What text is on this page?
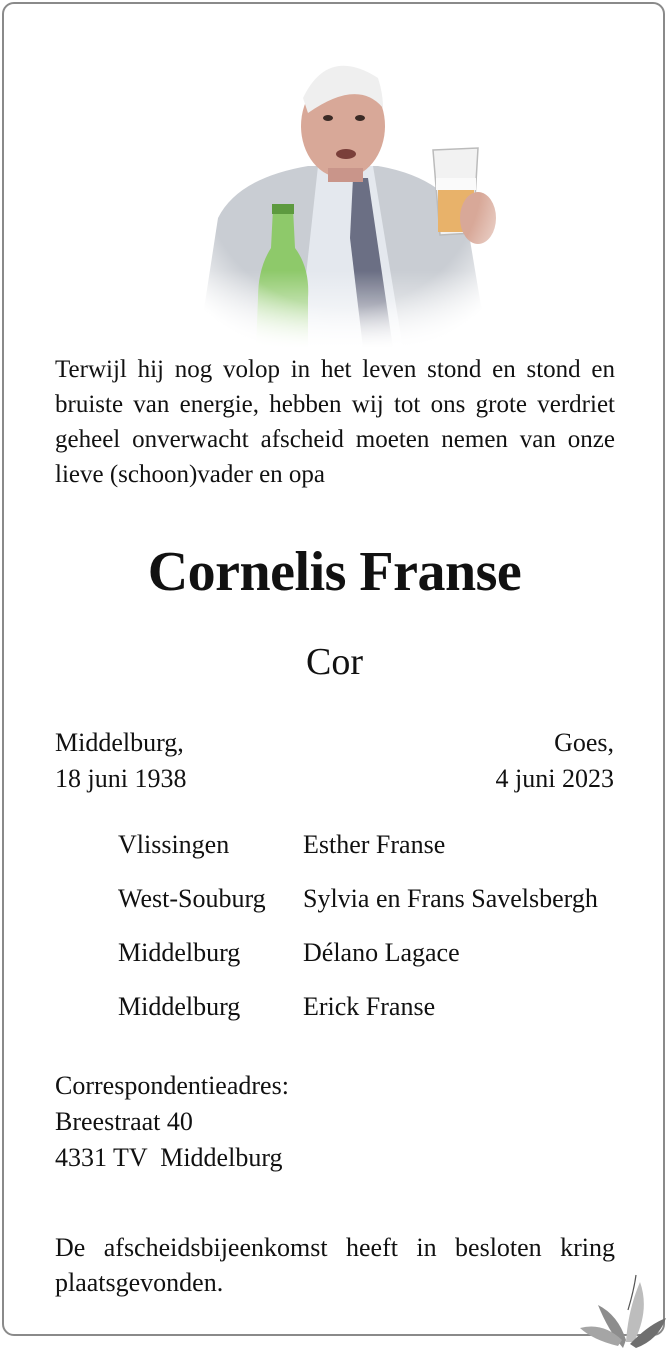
Terwijl hij nog volop in het leven stond en stond en bruiste van energie, hebben wij tot ons grote verdriet geheel onverwacht afscheid moeten nemen van onze lieve (schoon)vader en opa

Cornelis Franse
Cor
Middelburg,
18 juni 1938
Goes,
4 juni 2023
Vlissingen	Esther Franse
West-Souburg	Sylvia en Frans Savelsbergh
Middelburg	Délano Lagace
Middelburg	Erick Franse
Correspondentieadres:
Breestraat 40
4331 TV  Middelburg

De afscheidsbijeenkomst heeft in besloten kring plaatsgevonden.
